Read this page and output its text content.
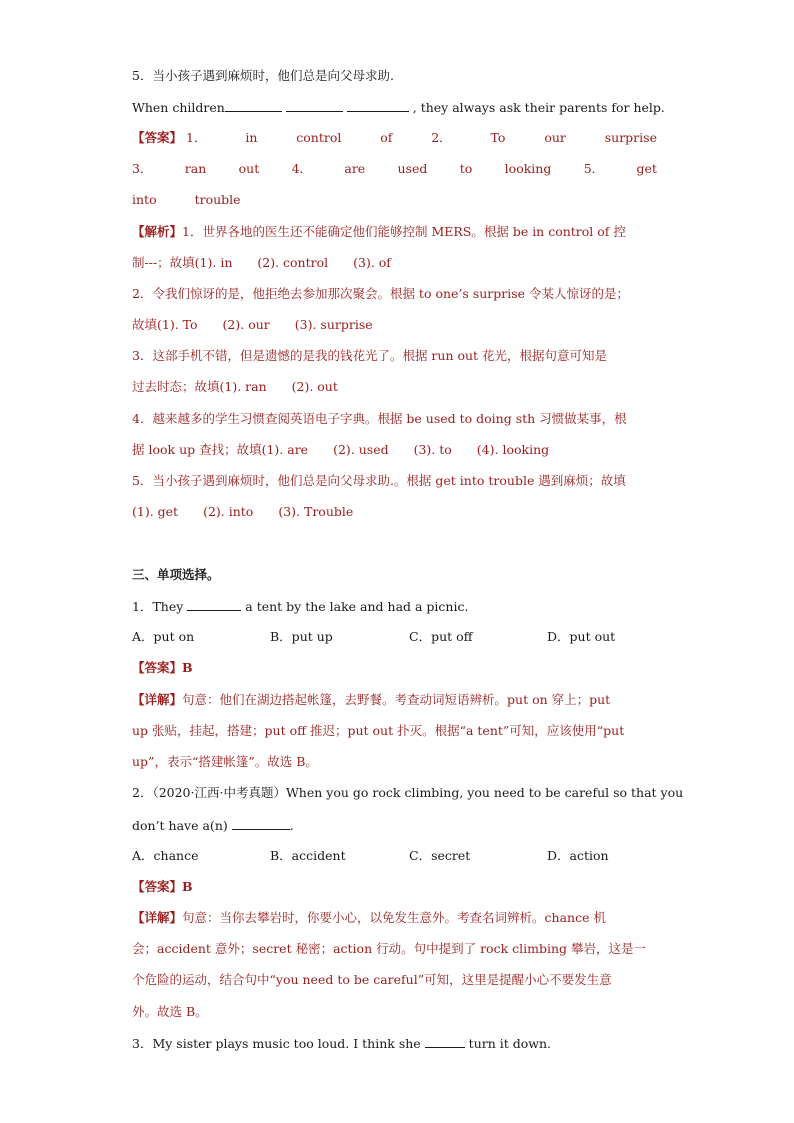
5．当小孩子遇到麻烦时，他们总是向父母求助.
When children	, they always ask their parents for help.
【答案】 1．	in	control	of	2．	To	our	surprise
3．	ran	out	4．	are	used	to	looking	5．	get
into	trouble
【解析】1．世界各地的医生还不能确定他们能够控制 MERS。根据 be in control of 控
制---；故填(1). in　　(2). control　　(3). of
2．令我们惊讶的是，他拒绝去参加那次聚会。根据 to one’s surprise 令某人惊讶的是；
故填(1). To　　(2). our　　(3). surprise
3．这部手机不错，但是遗憾的是我的钱花光了。根据 run out 花光，根据句意可知是
过去时态；故填(1). ran　　(2). out
4．越来越多的学生习惯查阅英语电子字典。根据 be used to doing sth 习惯做某事，根
据 look up 查找；故填(1). are　　(2). used　　(3). to　　(4). looking
5．当小孩子遇到麻烦时，他们总是向父母求助.。根据 get into trouble 遇到麻烦；故填
(1). get　　(2). into　　(3). Trouble
三、单项选择。
1．They	a tent by the lake and had a picnic.
A．put on	B．put up	C．put off	D．put out
【答案】B
【详解】句意：他们在湖边搭起帐篷，去野餐。考查动词短语辨析。put on 穿上；put
up 张贴，挂起，搭建；put off 推迟；put out 扑灭。根据“a tent”可知，应该使用“put
up”，表示“搭建帐篷”。故选 B。
2．（2020·江西·中考真题）When you go rock climbing, you need to be careful so that you
don’t have a(n)	.
A．chance	B．accident	C．secret	D．action
【答案】B
【详解】句意：当你去攀岩时，你要小心，以免发生意外。考查名词辨析。chance 机
会；accident 意外；secret 秘密；action 行动。句中提到了 rock climbing 攀岩，这是一
个危险的运动，结合句中“you need to be careful”可知，这里是提醒小心不要发生意
外。故选 B。
3．My sister plays music too loud. I think she	turn it down.
